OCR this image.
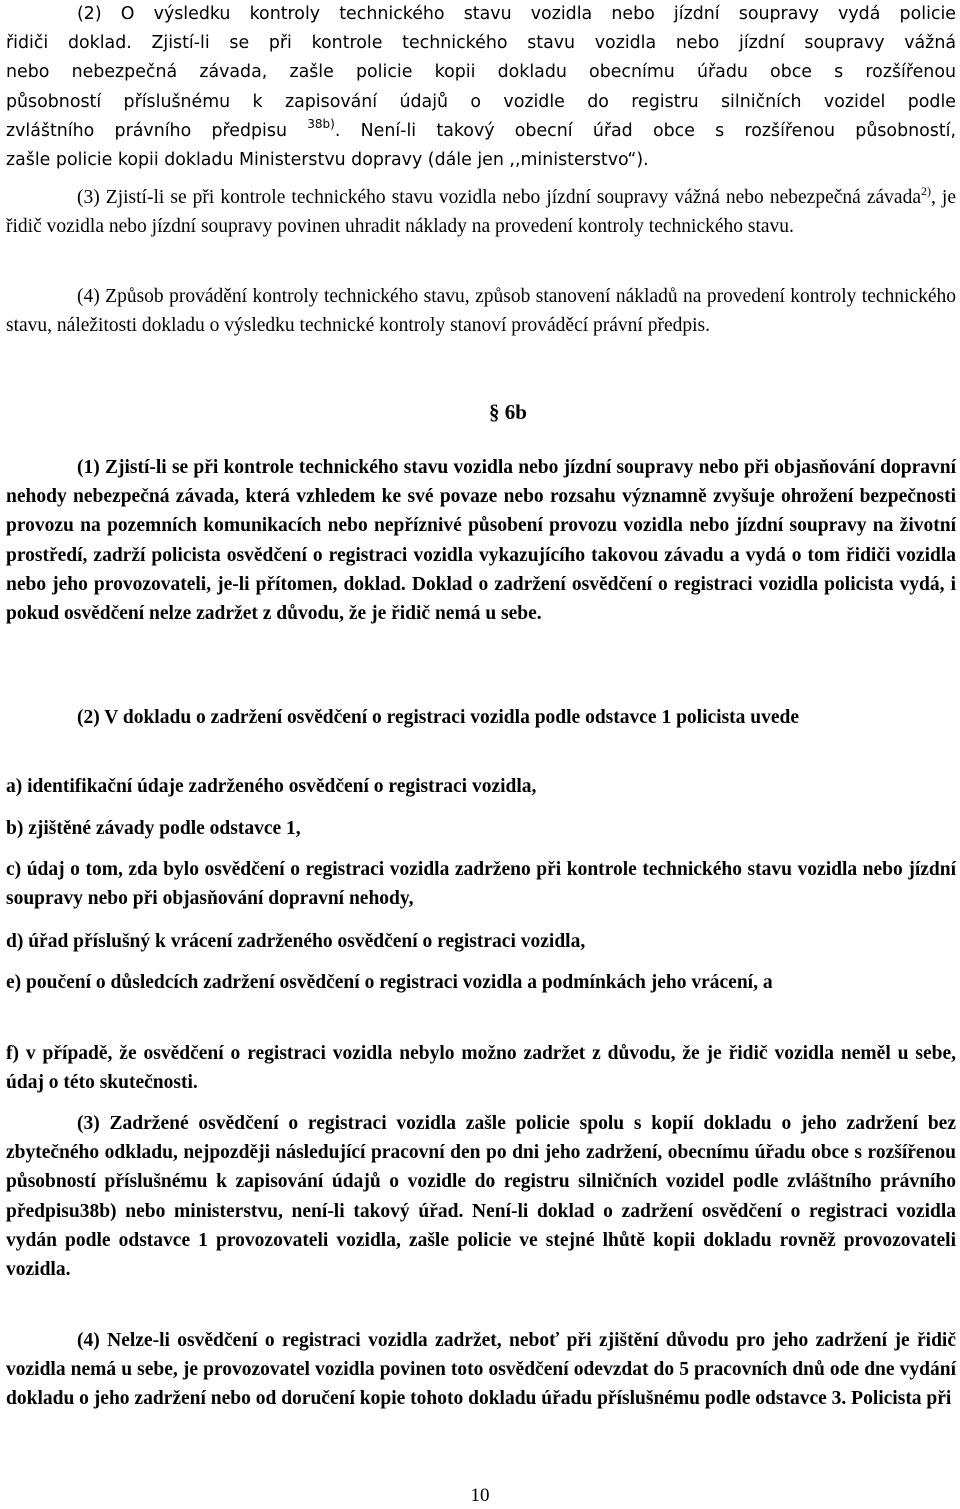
(2) O výsledku kontroly technického stavu vozidla nebo jízdní soupravy vydá policie
řidiči doklad. Zjistí-li se při kontrole technického stavu vozidla nebo jízdní soupravy vážná
nebo nebezpečná závada, zašle policie kopii dokladu obecnímu úřadu obce s rozšířenou
působností příslušnému k zapisování údajů o vozidle do registru silničních vozidel podle
zvláštního právního předpisu $^{38b)}$. Není-li takový obecní úřad obce s rozšířenou působností,
zašle policie kopii dokladu Ministerstvu dopravy (dále jen ,,ministerstvo“).

(3) Zjistí-li se při kontrole technického stavu vozidla nebo jízdní soupravy vážná nebo nebezpečná závada$^{2)}$, je řidič vozidla nebo jízdní soupravy povinen uhradit náklady na provedení kontroly technického stavu.

(4) Způsob provádění kontroly technického stavu, způsob stanovení nákladů na provedení kontroly technického stavu, náležitosti dokladu o výsledku technické kontroly stanoví prováděcí právní předpis.

§ 6b

(1) Zjistí-li se při kontrole technického stavu vozidla nebo jízdní soupravy nebo při objasňování dopravní nehody nebezpečná závada, která vzhledem ke své povaze nebo rozsahu významně zvyšuje ohrožení bezpečnosti provozu na pozemních komunikacích nebo nepříznivé působení provozu vozidla nebo jízdní soupravy na životní prostředí, zadrží policista osvědčení o registraci vozidla vykazujícího takovou závadu a vydá o tom řidiči vozidla nebo jeho provozovateli, je-li přítomen, doklad. Doklad o zadržení osvědčení o registraci vozidla policista vydá, i pokud osvědčení nelze zadržet z důvodu, že je řidič nemá u sebe.

(2) V dokladu o zadržení osvědčení o registraci vozidla podle odstavce 1 policista uvede

a) identifikační údaje zadrženého osvědčení o registraci vozidla,

b) zjištěné závady podle odstavce 1,

c) údaj o tom, zda bylo osvědčení o registraci vozidla zadrženo při kontrole technického stavu vozidla nebo jízdní soupravy nebo při objasňování dopravní nehody,

d) úřad příslušný k vrácení zadrženého osvědčení o registraci vozidla,

e) poučení o důsledcích zadržení osvědčení o registraci vozidla a podmínkách jeho vrácení, a

f) v případě, že osvědčení o registraci vozidla nebylo možno zadržet z důvodu, že je řidič vozidla neměl u sebe, údaj o této skutečnosti.

(3) Zadržené osvědčení o registraci vozidla zašle policie spolu s kopií dokladu o jeho zadržení bez zbytečného odkladu, nejpozději následující pracovní den po dni jeho zadržení, obecnímu úřadu obce s rozšířenou působností příslušnému k zapisování údajů o vozidle do registru silničních vozidel podle zvláštního právního předpisu38b) nebo ministerstvu, není-li takový úřad. Není-li doklad o zadržení osvědčení o registraci vozidla vydán podle odstavce 1 provozovateli vozidla, zašle policie ve stejné lhůtě kopii dokladu rovněž provozovateli vozidla.

(4) Nelze-li osvědčení o registraci vozidla zadržet, neboť při zjištění důvodu pro jeho zadržení je řidič vozidla nemá u sebe, je provozovatel vozidla povinen toto osvědčení odevzdat do 5 pracovních dnů ode dne vydání dokladu o jeho zadržení nebo od doručení kopie tohoto dokladu úřadu příslušnému podle odstavce 3. Policista při

10
